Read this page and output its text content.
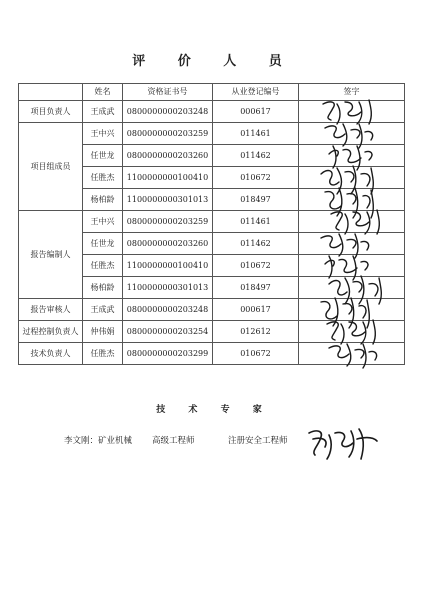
评 价 人 员
	姓名	资格证书号	从业登记编号	签字
项目负责人	王成武	0800000000203248	000617	

项目组成员	王中兴	0800000000203259	011461	

	任世龙	0800000000203260	011462	

	任胜杰	1100000000100410	010672	

	杨柏龄	1100000000301013	018497	

报告编制人	王中兴	0800000000203259	011461	

	任世龙	0800000000203260	011462	

	任胜杰	1100000000100410	010672	

	杨柏龄	1100000000301013	018497	

报告审核人	王成武	0800000000203248	000617	

过程控制负责人	仲伟娟	0800000000203254	012612	

技术负责人	任胜杰	0800000000203299	010672	
技 术 专 家
李文刚：矿业机械 高级工程师	注册安全工程师
